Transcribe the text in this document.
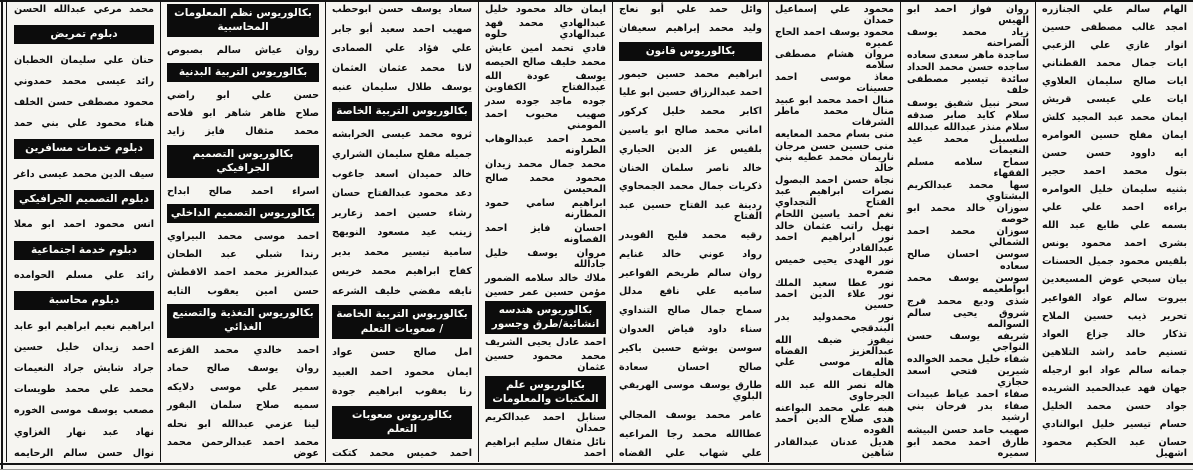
محمد مرعي عبدالله الحسن
دبلوم تمريض
حنان علي سليمان الخطبان
رائد عيسى محمد حمدوني
محمود مصطفى حسن الخلف
هناء محمود علي بني حمد
دبلوم خدمات مسافرين
سيف الدين محمد عيسى داغر
دبلوم التصميم الجرافيكي
انس محمود احمد ابو معلا
دبلوم خدمة اجتماعية
رائد علي مسلم الحوامده
دبلوم محاسبة
ابراهيم نعيم ابراهيم ابو عابد
احمد زيدان خليل حسين
جراد شايش جراد النعيمات
محمد علي محمد طويسات
مصعب يوسف موسى الخوره
نهاد عبد نهار الغزاوي
نوال حسن سالم الرحايمه
بكالوريوس نظم المعلومات المحاسبية
روان عياش سالم بصبوص
بكالوريوس التربية البدنية
حسن علي ابو راضي
صلاح ظاهر شاهر ابو فلاحه
محمد مثقال فايز زايد
بكالوريوس التصميم الجرافيكي
اسراء احمد صالح ابداح
بكالوريوس التصميم الداخلي
احمد موسى محمد البيراوي
رندا شبلي عبد الطحان
عبدالعزيز محمد احمد الاقطش
حسن امين يعقوب التايه
بكالوريوس التغذية والتصنيع الغذائي
احمد خالدي محمد القزعه
روان يوسف صالح حماد
سمير علي موسى دلايكه
سميه صلاح سلمان البقور
لينا عزمي عبدالله ابو نحله
محمد احمد عبدالرحمن محمد عوض
سعاد يوسف حسن ابوحطب
صهيب احمد سعيد أبو جابر
علي فؤاد علي الصمادى
لانا محمد عثمان العثمان
يوسف طلال سليمان عنبه
بكالوريوس التربية الخاصة
ثروه محمد عيسى الخرابشه
جميله مفلح سليمان الشراري
خالد حميدان اسعد جاغوب
دعد محمود عبدالفتاح حسان
رشاء حسين احمد زعارير
زينب عيد مسعود النويهج
سامية تيسير محمد بدير
كفاح ابراهيم محمد خريس
نايفه مفضي خليف الشرعه
بكالوريوس التربية الخاصة / صعوبات التعلم
امل صالح حسن عواد
ايمان محمود احمد العبيد
رنا يعقوب ابراهيم جودة
بكالوريوس صعوبات التعلم
احمد خميس محمد كتكت
ايمان خالد محمود خليل
عبدالهادي محمد فهد عبدالهادي حلوه
فادي تحمد امين عايش
محمد خليف صالح الحيصه
يوسف عودة الله عبدالفتاح الكفاوين
جوده ماجد جوده سدر
صهيب محبوب احمد المومني
محمد احمد عبدالوهاب الطراونه
محمد جمال محمد زيدان
محمود محمد صالح المحيسن
ابراهيم سامي حمود المطارنه
احسان فايز احمد الفصاونه
مروان يوسف خليل جادالله
ملاك خالد سلامه الضمور
مؤمن حسين عمر حسين
بكالوريوس هندسه انشائية/طرق وجسور
احمد عادل يحيى الشريف
محمد محمود حسين عثمان
بكالوريوس علم المكتبات والمعلومات
سنابل احمد عبدالكريم حمدان
نائل مثقال سليم ابراهيم احمد
وائل حمد علي أبو نعاج
وليد محمد إبراهيم سعيفان
بكالوريوس قانون
ابراهيم محمد حسين حيمور
احمد عبدالرزاق حسين ابو عليا
اكابر محمد خليل كركور
اماني محمد صالح ابو ياسين
بلقيس عز الدين الحياري
خالد ناصر سلمان الخنان
ذكريات جمال محمد الجمحاوي
ردينة عبد الفتاح حسين عبد الفتاح
رقيه محمد فليح القويدر
رواد عوني خالد غنايم
روان سالم طريخم الفواعير
ساميه علي نافع مدلل
سماح جمال صالح التنداوي
سناء داود فياض العدوان
سوسن يوشع حسين باكير
صالح احسان سعادة
طارق يوسف موسى الهريفي البلوي
عامر محمد يوسف المجالي
عطاالله محمد رجا المراعيه
علي شهاب علي القضاه
محمود علي إسماعيل حمدان
محمود يوسف احمد الحاج عميره
مروان هشام مصطفى سلامه
معاذ موسى احمد حسينات
منال احمد محمد ابو عبيد
منال محمد ماطر الشرفات
منى بسام محمد المعايعه
منى حسين حسن مرجان
ناريمان محمد عطيه بني خالد
نجاة حسن احمد البصول
نصرات ابراهيم عبد الفتاح التجداوي
نغم احمد ياسين اللحام
نهيل راتب عثمان خالد
نور ابراهيم احمد عبدالقادر
نور الهدى يحيى خميس ضمره
نور عطا سعيد الملك
نور علاء الدين احمد حسين
نور محمدوليد بدر البندقجي
نيفوز ضيف الله عبدالعزيز القضاه
هاله موسى علي الخليفات
هاله نصر الله عبد الله الجرجاوى
هبه علي محمد البواعنه
هدى صلاح الدين احمد الفوده
هديل عدنان عبدالقادر شاهين
روان فواز احمد ابو الهيس
زياد محمد يوسف الصراحنه
ساجدة ماهر سعدى سعاده
ساجده حسن محمد الحداد
سائدة تيسير مصطفى خلف
سحر نبيل شفيق يوسف
سلام كايد صابر صدقه
سلام منذر عبدالله عبدالله
سلسبيل محمد عيد النعيمات
سماح سلامه مسلم الفقهاء
سها محمد عبدالكريم البشتاوي
سوزان خالد محمد ابو خوصه
سوزان محمد احمد الشمالي
سوسن احسان صالح سعاده
سوسن يوسف محمد ابواطعيمه
شذى وديع محمد فرج
شروق يحيى سالم السوالمه
شريفه يوسف حسن النواجي
شفاء خليل محمد الخوالده
شيرين فتحي اسعد حجازي
صفاء احمد عياط عبيدات
صفاء بدر فرحان بني ارشيد
صهيب حامد حسن البيشه
طارق احمد محمد ابو سميره
الهام سالم علي الجنازره
امجد غالب مصطفى حسين
انوار غازي علي الزعبي
ايات جمال محمد القطناني
ايات صالح سليمان العلاوي
ايات علي عيسى قريش
ايمان محمد عبد المجيد كلش
ايمان مفلح حسين العوامره
ايه داوود حسن حسن
بتول محمد احمد حجير
بثنيه سليمان خليل العوامره
براءه احمد علي علي
بسمه علي طايع عبد الله
بشرى احمد محمود يونس
بلقيس محمود جميل الحسنات
بيان سبحي عوض المسيعدين
بيروت سالم عواد الفواعير
تحرير ذيب حسين الملاح
تذكار خالد جزاع العواد
تسنيم حامد راشد التلاهين
جمانه سالم عواد ابو ارجيله
جهان فهد عبدالحميد الشريده
جواد حسن محمد الخليل
حسام تيسير خليل ابوالنادي
حسان عبد الحكيم محمود اشهيل
